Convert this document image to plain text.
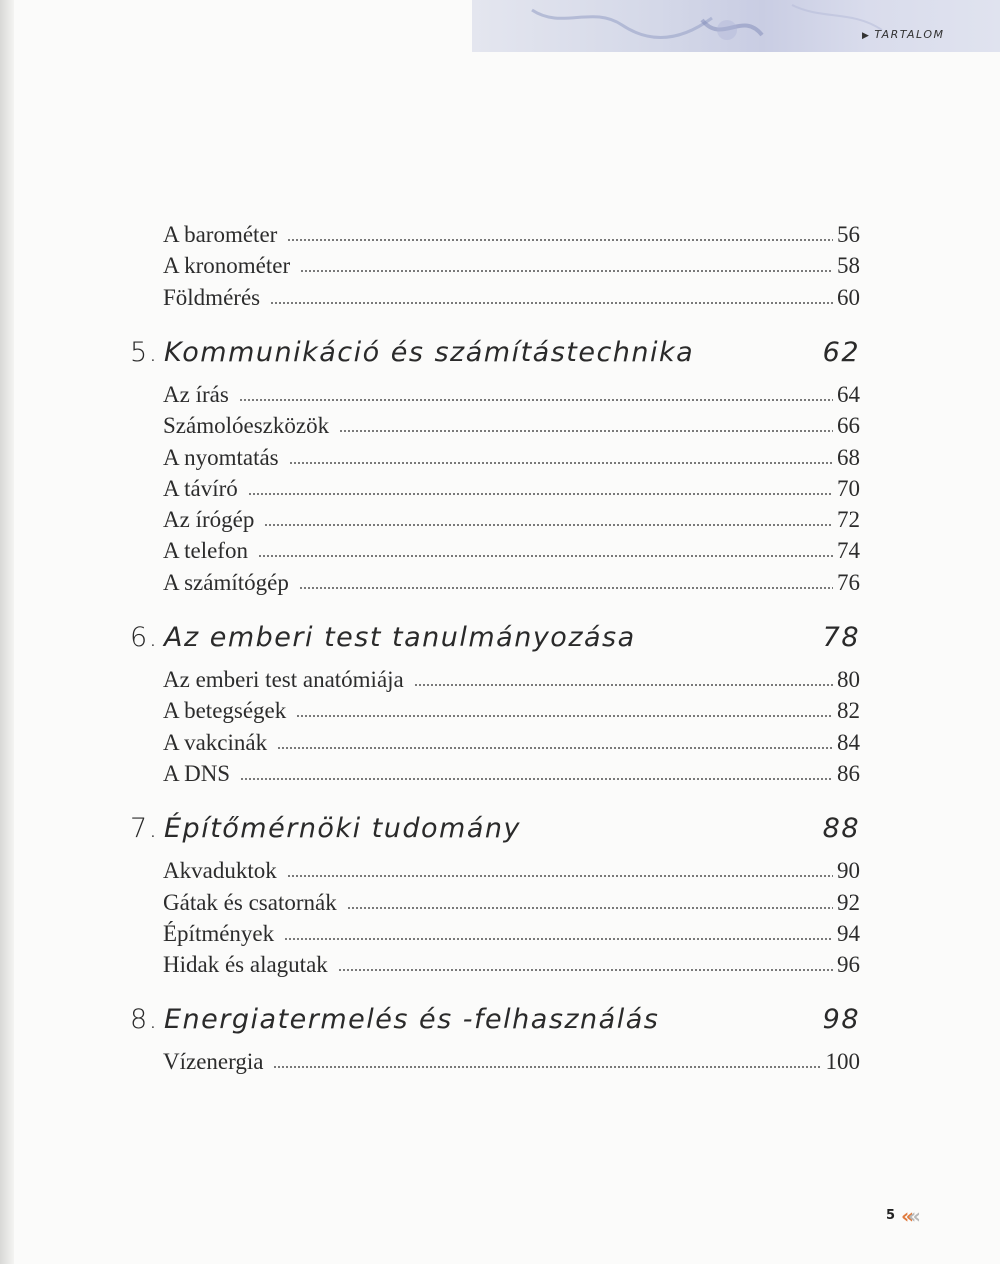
▶ TARTALOM
A barométer	56
A kronométer	58
Földmérés	60
5. Kommunikáció és számítástechnika	62
Az írás	64
Számolóeszközök	66
A nyomtatás	68
A távíró	70
Az írógép	72
A telefon	74
A számítógép	76
6. Az emberi test tanulmányozása	78
Az emberi test anatómiája	80
A betegségek	82
A vakcinák	84
A DNS	86
7. Építőmérnöki tudomány	88
Akvaduktok	90
Gátak és csatornák	92
Építmények	94
Hidak és alagutak	96
8. Energiatermelés és -felhasználás	98
Vízenergia	100
5 ««
